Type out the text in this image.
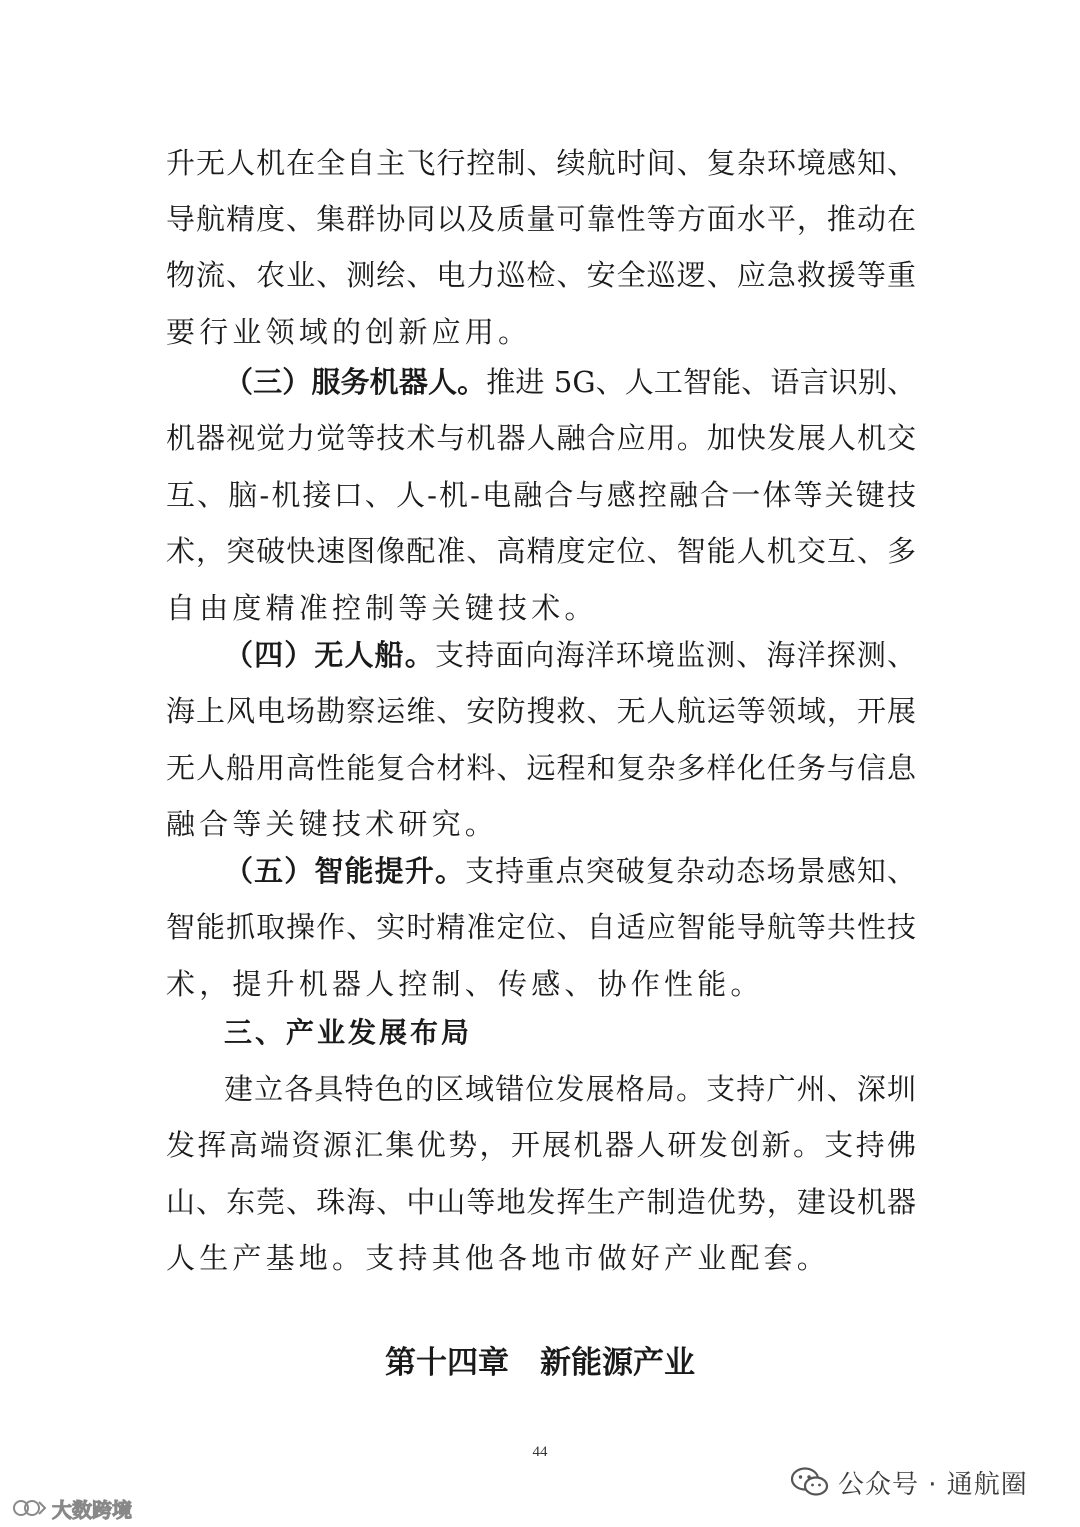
升无人机在全自主飞行控制、续航时间、复杂环境感知、
导航精度、集群协同以及质量可靠性等方面水平，推动在
物流、农业、测绘、电力巡检、安全巡逻、应急救援等重
要行业领域的创新应用。
（三）服务机器人。推进 5G、人工智能、语言识别、
机器视觉力觉等技术与机器人融合应用。加快发展人机交
互、脑-机接口、人-机-电融合与感控融合一体等关键技
术，突破快速图像配准、高精度定位、智能人机交互、多
自由度精准控制等关键技术。
（四）无人船。支持面向海洋环境监测、海洋探测、
海上风电场勘察运维、安防搜救、无人航运等领域，开展
无人船用高性能复合材料、远程和复杂多样化任务与信息
融合等关键技术研究。
（五）智能提升。支持重点突破复杂动态场景感知、
智能抓取操作、实时精准定位、自适应智能导航等共性技
术，提升机器人控制、传感、协作性能。
三、产业发展布局
建立各具特色的区域错位发展格局。支持广州、深圳
发挥高端资源汇集优势，开展机器人研发创新。支持佛
山、东莞、珠海、中山等地发挥生产制造优势，建设机器
人生产基地。支持其他各地市做好产业配套。
第十四章　新能源产业
44
公众号 · 通航圈
大数跨境
